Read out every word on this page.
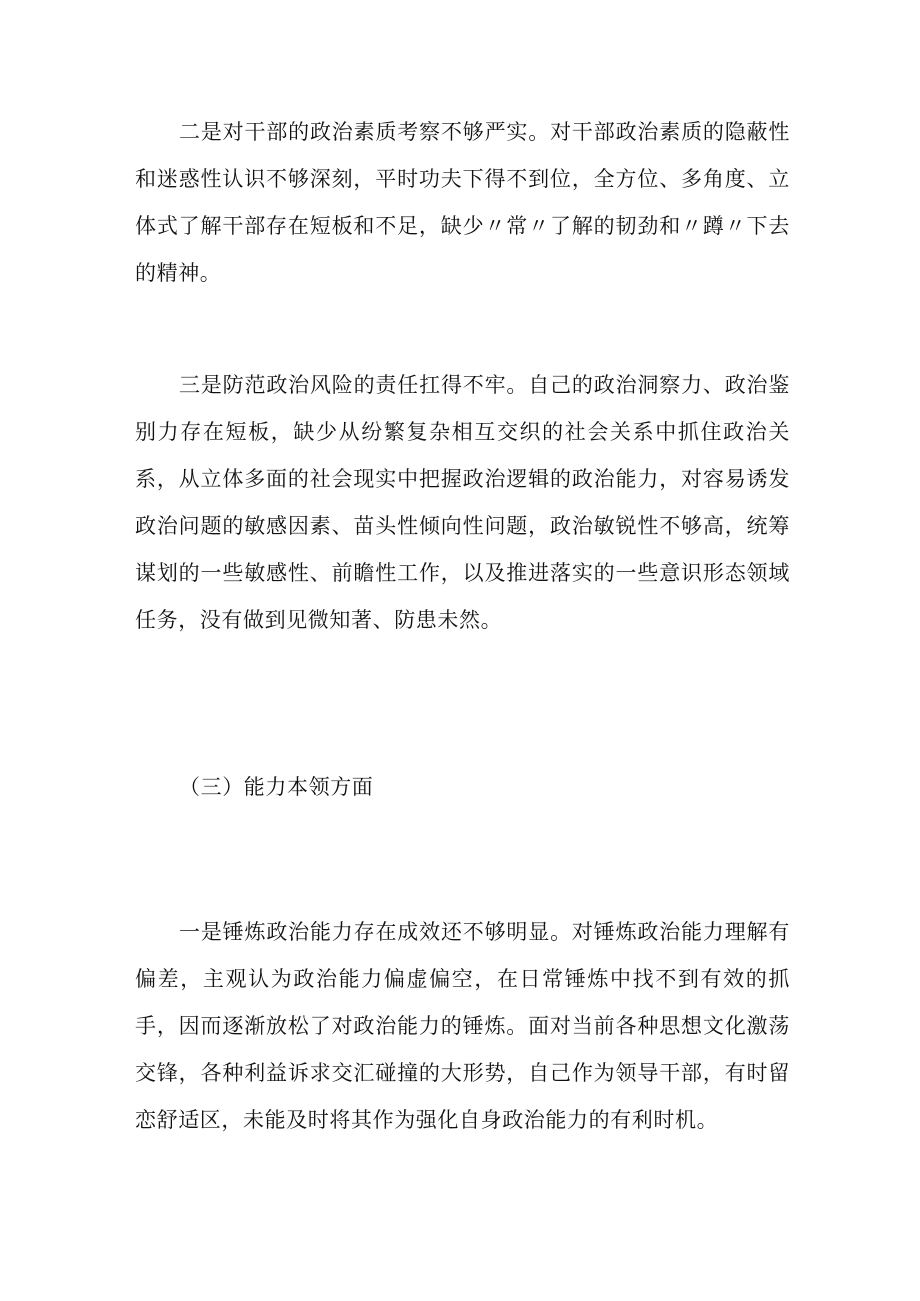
二是对干部的政治素质考察不够严实。对干部政治素质的隐蔽性和迷惑性认识不够深刻，平时功夫下得不到位，全方位、多角度、立体式了解干部存在短板和不足，缺少〃常〃了解的韧劲和〃蹲〃下去的精神。

三是防范政治风险的责任扛得不牢。自己的政治洞察力、政治鉴别力存在短板，缺少从纷繁复杂相互交织的社会关系中抓住政治关系，从立体多面的社会现实中把握政治逻辑的政治能力，对容易诱发政治问题的敏感因素、苗头性倾向性问题，政治敏锐性不够高，统筹谋划的一些敏感性、前瞻性工作，以及推进落实的一些意识形态领域任务，没有做到见微知著、防患未然。

（三）能力本领方面

一是锤炼政治能力存在成效还不够明显。对锤炼政治能力理解有偏差，主观认为政治能力偏虚偏空，在日常锤炼中找不到有效的抓手，因而逐渐放松了对政治能力的锤炼。面对当前各种思想文化激荡交锋，各种利益诉求交汇碰撞的大形势，自己作为领导干部，有时留恋舒适区，未能及时将其作为强化自身政治能力的有利时机。
